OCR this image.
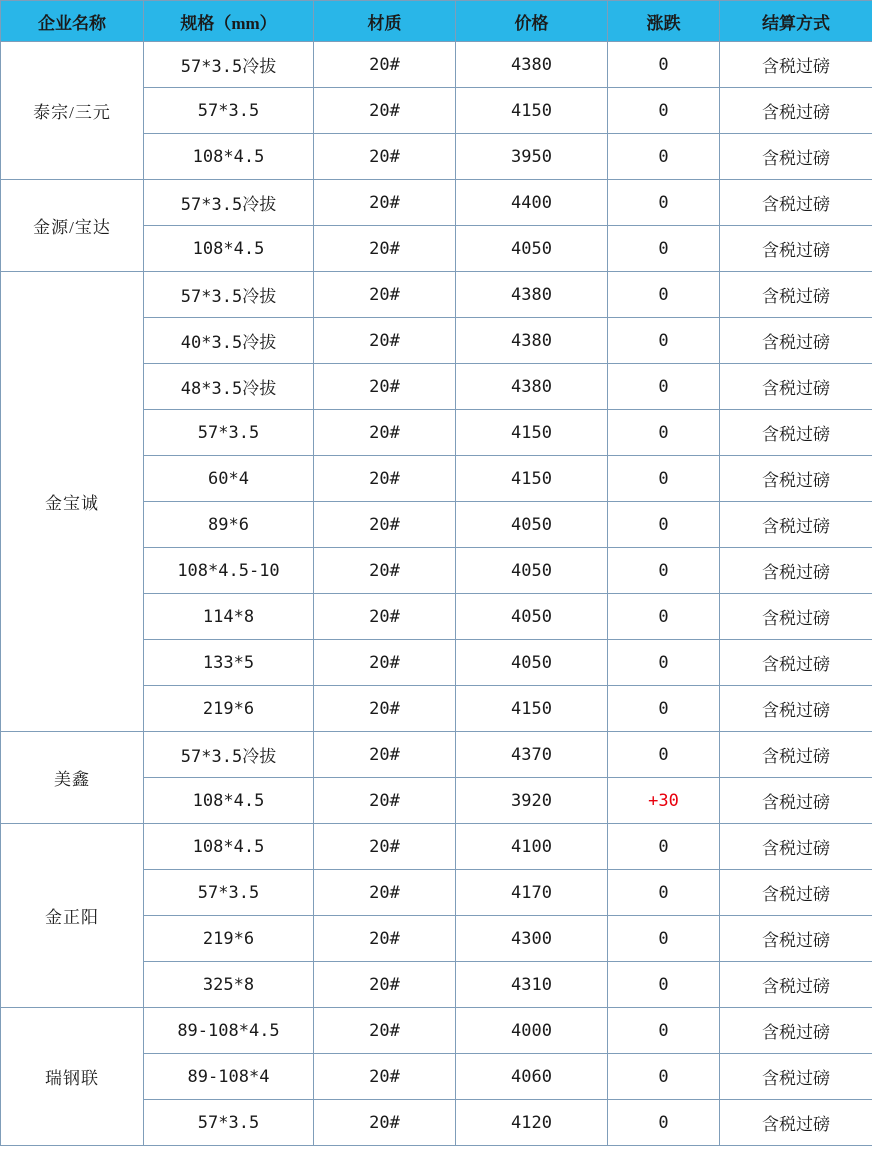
企业名称	规格（mm）	材质	价格	涨跌	结算方式
泰宗/三元	57*3.5冷拔	20#	4380	0	含税过磅
	57*3.5	20#	4150	0	含税过磅
	108*4.5	20#	3950	0	含税过磅
金源/宝达	57*3.5冷拔	20#	4400	0	含税过磅
	108*4.5	20#	4050	0	含税过磅
金宝诚	57*3.5冷拔	20#	4380	0	含税过磅
	40*3.5冷拔	20#	4380	0	含税过磅
	48*3.5冷拔	20#	4380	0	含税过磅
	57*3.5	20#	4150	0	含税过磅
	60*4	20#	4150	0	含税过磅
	89*6	20#	4050	0	含税过磅
	108*4.5-10	20#	4050	0	含税过磅
	114*8	20#	4050	0	含税过磅
	133*5	20#	4050	0	含税过磅
	219*6	20#	4150	0	含税过磅
美鑫	57*3.5冷拔	20#	4370	0	含税过磅
	108*4.5	20#	3920	+30	含税过磅
金正阳	108*4.5	20#	4100	0	含税过磅
	57*3.5	20#	4170	0	含税过磅
	219*6	20#	4300	0	含税过磅
	325*8	20#	4310	0	含税过磅
瑞钢联	89-108*4.5	20#	4000	0	含税过磅
	89-108*4	20#	4060	0	含税过磅
	57*3.5	20#	4120	0	含税过磅
